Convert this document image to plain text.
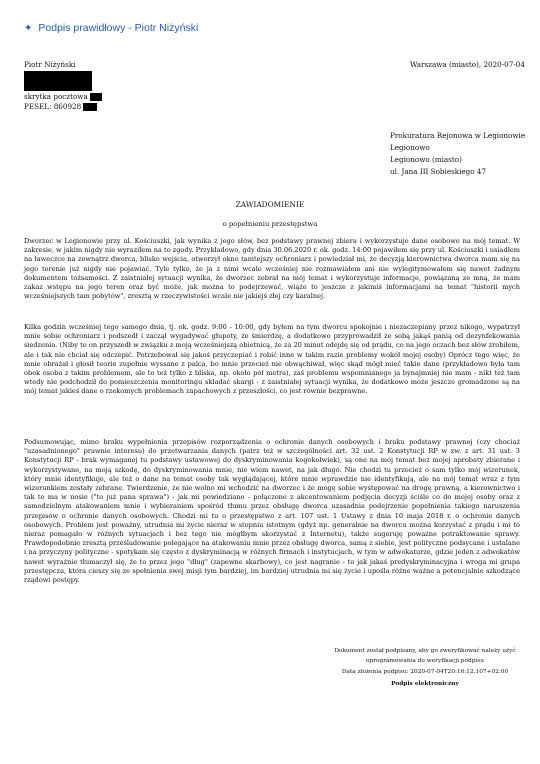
✦ Podpis prawidłowy - Piotr Niżyński
Piotr Niżyński
skrytka pocztowa
PESEL: 860928
Warszawa (miasto), 2020-07-04
Prokuratura Rejonowa w Legionowie
Legionowo
Legionowo (miasto)
ul. Jana III Sobieskiego 47
ZAWIADOMIENIE
o popełnieniu przestępstwa
Dworzec w Legionowie przy ul. Kościuszki, jak wynika z jego słów, bez podstawy prawnej zbiera i wykorzystuje dane osobowe na mój temat. W zakresie, w jakim nigdy nie wyraziłem na to zgody. Przykładowo, gdy dnia 30.06.2020 r. ok. godz. 14:00 pojawiłem się przy ul. Kościuszki i usiadłem na ławeczce na zewnątrz dworca, blisko wejścia, otworzył okno tamtejszy ochroniarz i powiedział mi, że decyzją kierownictwa dworca mam się na jego terenie już nigdy nie pojawiać. Tyle tylko, że ja z nimi wcale wcześniej nie rozmawiałem ani nie wylegitymowałem się nawet żadnym dokumentem tożsamości. Z zaistniałej sytuacji wynika, że dworzec zebrał na mój temat i wykorzystuje informacje, powiązaną ze mną, że mam zakaz wstępu na jego teren oraz być może, jak można to podejrzewać, wiąże to jeszcze z jakimiś informacjami na temat "historii mych wcześniejszych tam pobytów", zresztą w rzeczywistości wcale nie jakiejś złej czy karalnej.
Kilka godzin wcześniej tego samego dnia, tj. ok. godz. 9:00 - 10:00, gdy byłem na tym dworcu spokojnie i niezaczepiany przez nikogo, wypatrzył mnie sobie ochroniarz i podszedł i zaczął wygadywać głupoty, że śmierdzę, a dodatkowo przyprowadził ze sobą jakąś panią od dezynfekowania siedzenia. (Niby to on przyszedł w związku z moją wcześniejszą obietnicą, że za 20 minut odejdę się od prądu, co na jego oczach bez słów zrobiłem, ale i tak nie chciał się odczepić. Potrzebował się jakoś przyczepiać i robić inne w takim razie problemy wokół mojej osoby) Oprócz tego więc, że mnie obrażał i głosił teorie zupełnie wyssane z palca, bo mnie przecież nie obwąchiwał, więc skąd mógł mieć takie dane (przykładowo była tam obok osoba z takim problemem, ale to też tylko z bliska, np. około pół metra), zaś problemu wspomnianego ja bynajmniej nie mam - nikt też tam wtedy nie podchodził do pomieszczenia monitoringu składać skargi - z zaistniałej sytuacji wynika, że dodatkowo może jeszcze gromadzone są na mój temat jakieś dane o rzekomych problemach zapachowych z przeszłości, co jest równie bezprawne.
Podsumowując, mimo braku wypełnienia przepisów rozporządzenia o ochronie danych osobowych i braku podstawy prawnej (czy chociaż "uzasadnionego" prawnie interesu) do przetwarzania danych (patrz też w szczególności art. 32 ust. 2 Konstytucji RP w zw. z art. 31 ust. 3 Konstytucji RP - brak wymaganej tu podstawy ustawowej do dyskryminowania kogokolwiek), są one na mój temat bez mojej aprobaty zbierane i wykorzystywane, na moją szkodę, do dyskryminowania mnie, nie wiem nawet, na jak długo. Nie chodzi tu przecież o sam tylko mój wizerunek, który mnie identyfikuje, ale też o dane na temat osoby tak wyglądającej, które mnie wprawdzie nie identyfikują, ale na mój temat wraz z tym wizerunkiem zostały zebrane. Twierdzenie, że nie wolno mi wchodzić na dworzec i że mogę sobie występować na drogę prawną, a kierownictwo i tak to ma w nosie ("to już pana sprawa") - jak mi powiedziano - połączone z akcentowaniem podjęcia decyzji ściśle co do mojej osoby oraz z samodzielnym atakowaniem mnie i wybieraniem spośród tłumu przez obsługę dworca uzasadnia podejrzenie popełnienia takiego naruszenia przepisów o ochronie danych osobowych. Chodzi mi tu o przestępstwo z art. 107 ust. 1 Ustawy z dnia 10 maja 2018 r. o ochronie danych osobowych. Problem jest poważny, utrudnia mi życie nieraz w stopniu istotnym (gdyż np. generalnie na dworcu można korzystać z prądu i mi to nieraz pomagało w różnych sytuacjach i bez tego nie mógłbym skorzystać z Internetu), także sugeruję poważne potraktowanie sprawy. Prawdopodobnie zresztą prześladowanie polegające na atakowaniu mnie przez obsługę dworca, samą z siebie, jest polityczne podsycane i ustalane i na przyczyny polityczne - spotykam się często z dyskryminacją w różnych firmach i instytucjach, w tym w adwokaturze, gdzie jeden z adwokatów nawet wyraźnie tłumaczył się, że to przez jego "dług" (zapewne skarbowy), co jest nagranie - to jak jakaś predyskryminacyjna i wroga mi grupa przestępcza, która cieszy się ze spełnienia swej misji tym bardziej, im bardziej utrudnia mi się życie i upośla różne ważne a potencjalnie szkodzące rządowi postępy.
Dokument został podpisany, aby go zweryfikować należy użyć
oprogramowania do weryfikacji podpisu
Data złożenia podpisu: 2020-07-04T20:16:12.107+02:00
Podpis elektroniczny
